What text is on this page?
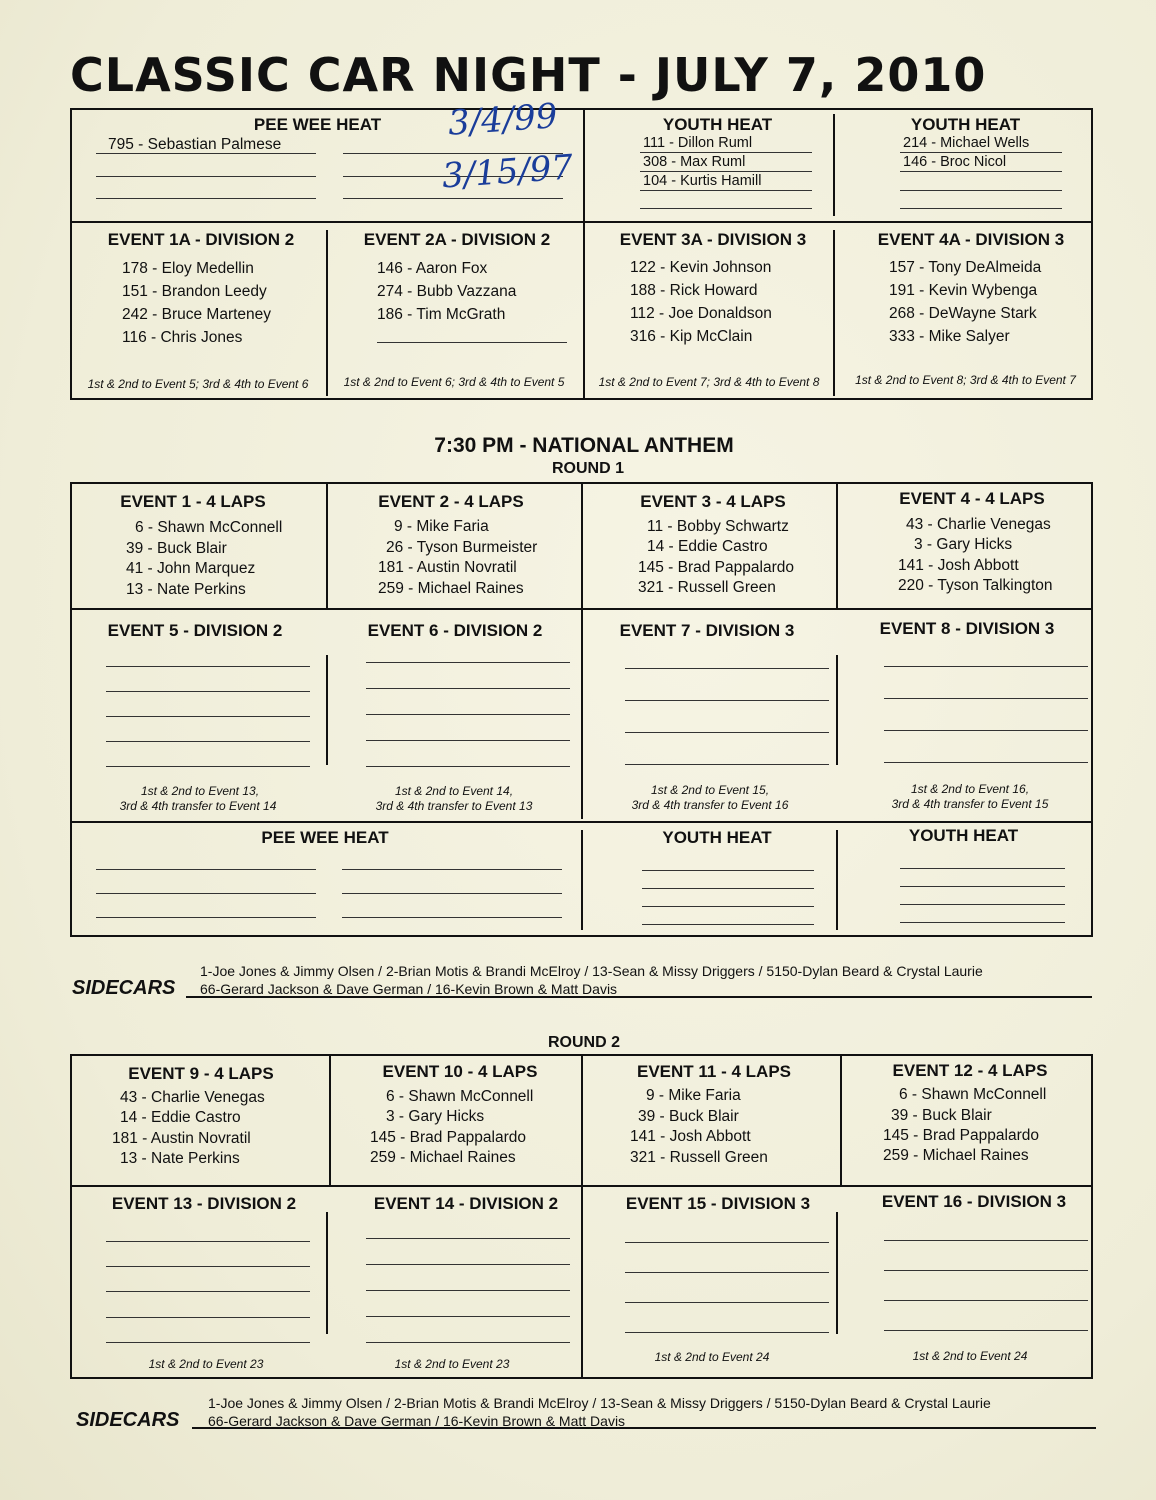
CLASSIC CAR NIGHT - JULY 7, 2010
PEE WEE HEAT
795 - Sebastian Palmese
3/4/99
3/15/97
YOUTH HEAT
111 - Dillon Ruml
308 - Max Ruml
104 - Kurtis Hamill
YOUTH HEAT
214 - Michael Wells
146 - Broc Nicol
EVENT 1A - DIVISION 2
178 - Eloy Medellin
151 - Brandon Leedy
242 - Bruce Marteney
116 - Chris Jones
1st & 2nd to Event 5; 3rd & 4th to Event 6
EVENT 2A - DIVISION 2
146 - Aaron Fox
274 - Bubb Vazzana
186 - Tim McGrath
1st & 2nd to Event 6; 3rd & 4th to Event 5
EVENT 3A - DIVISION 3
122 - Kevin Johnson
188 - Rick Howard
112 - Joe Donaldson
316 - Kip McClain
1st & 2nd to Event 7; 3rd & 4th to Event 8
EVENT 4A - DIVISION 3
157 - Tony DeAlmeida
191 - Kevin Wybenga
268 - DeWayne Stark
333 - Mike Salyer
1st & 2nd to Event 8; 3rd & 4th to Event 7
7:30 PM - NATIONAL ANTHEM
ROUND 1
EVENT 1 - 4 LAPS
6 - Shawn McConnell
39 - Buck Blair
41 - John Marquez
13 - Nate Perkins
EVENT 2 - 4 LAPS
9 - Mike Faria
26 - Tyson Burmeister
181 - Austin Novratil
259 - Michael Raines
EVENT 3 - 4 LAPS
11 - Bobby Schwartz
14 - Eddie Castro
145 - Brad Pappalardo
321 - Russell Green
EVENT 4 - 4 LAPS
43 - Charlie Venegas
3 - Gary Hicks
141 - Josh Abbott
220 - Tyson Talkington
EVENT 5 - DIVISION 2
1st & 2nd to Event 13,
3rd & 4th transfer to Event 14
EVENT 6 - DIVISION 2
1st & 2nd to Event 14,
3rd & 4th transfer to Event 13
EVENT 7 - DIVISION 3
1st & 2nd to Event 15,
3rd & 4th transfer to Event 16
EVENT 8 - DIVISION 3
1st & 2nd to Event 16,
3rd & 4th transfer to Event 15
PEE WEE HEAT	YOUTH HEAT	YOUTH HEAT
SIDECARS
1-Joe Jones & Jimmy Olsen / 2-Brian Motis & Brandi McElroy / 13-Sean & Missy Driggers / 5150-Dylan Beard & Crystal Laurie
66-Gerard Jackson & Dave German / 16-Kevin Brown & Matt Davis
ROUND 2
EVENT 9 - 4 LAPS
43 - Charlie Venegas
14 - Eddie Castro
181 - Austin Novratil
13 - Nate Perkins
EVENT 10 - 4 LAPS
6 - Shawn McConnell
3 - Gary Hicks
145 - Brad Pappalardo
259 - Michael Raines
EVENT 11 - 4 LAPS
9 - Mike Faria
39 - Buck Blair
141 - Josh Abbott
321 - Russell Green
EVENT 12 - 4 LAPS
6 - Shawn McConnell
39 - Buck Blair
145 - Brad Pappalardo
259 - Michael Raines
EVENT 13 - DIVISION 2
1st & 2nd to Event 23
EVENT 14 - DIVISION 2
1st & 2nd to Event 23
EVENT 15 - DIVISION 3
1st & 2nd to Event 24
EVENT 16 - DIVISION 3
1st & 2nd to Event 24
SIDECARS
1-Joe Jones & Jimmy Olsen / 2-Brian Motis & Brandi McElroy / 13-Sean & Missy Driggers / 5150-Dylan Beard & Crystal Laurie
66-Gerard Jackson & Dave German / 16-Kevin Brown & Matt Davis
